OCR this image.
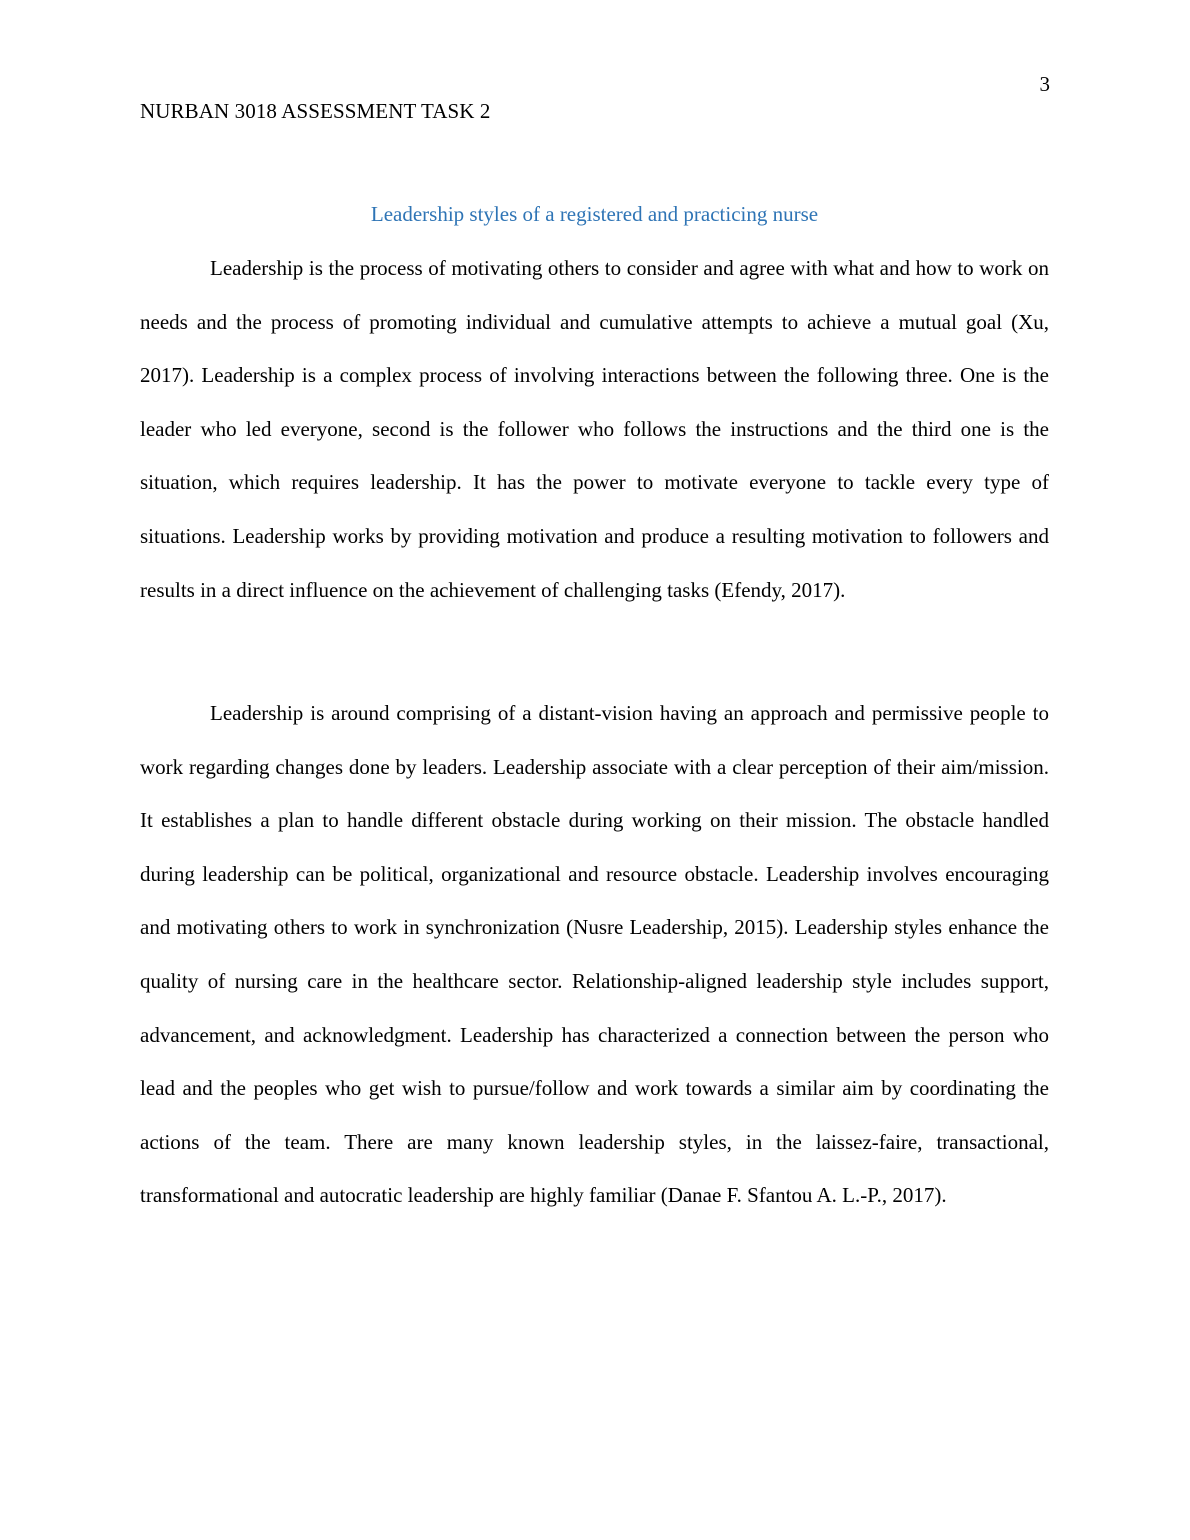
3
NURBAN 3018 ASSESSMENT TASK 2
Leadership styles of a registered and practicing nurse

Leadership is the process of motivating others to consider and agree with what and how to work on needs and the process of promoting individual and cumulative attempts to achieve a mutual goal (Xu, 2017). Leadership is a complex process of involving interactions between the following three. One is the leader who led everyone, second is the follower who follows the instructions and the third one is the situation, which requires leadership. It has the power to motivate everyone to tackle every type of situations. Leadership works by providing motivation and produce a resulting motivation to followers and results in a direct influence on the achievement of challenging tasks (Efendy, 2017).

Leadership is around comprising of a distant-vision having an approach and permissive people to work regarding changes done by leaders. Leadership associate with a clear perception of their aim/mission. It establishes a plan to handle different obstacle during working on their mission. The obstacle handled during leadership can be political, organizational and resource obstacle. Leadership involves encouraging and motivating others to work in synchronization (Nusre Leadership, 2015). Leadership styles enhance the quality of nursing care in the healthcare sector. Relationship-aligned leadership style includes support, advancement, and acknowledgment. Leadership has characterized a connection between the person who lead and the peoples who get wish to pursue/follow and work towards a similar aim by coordinating the actions of the team. There are many known leadership styles, in the laissez-faire, transactional, transformational and autocratic leadership are highly familiar (Danae F. Sfantou A. L.-P., 2017).
